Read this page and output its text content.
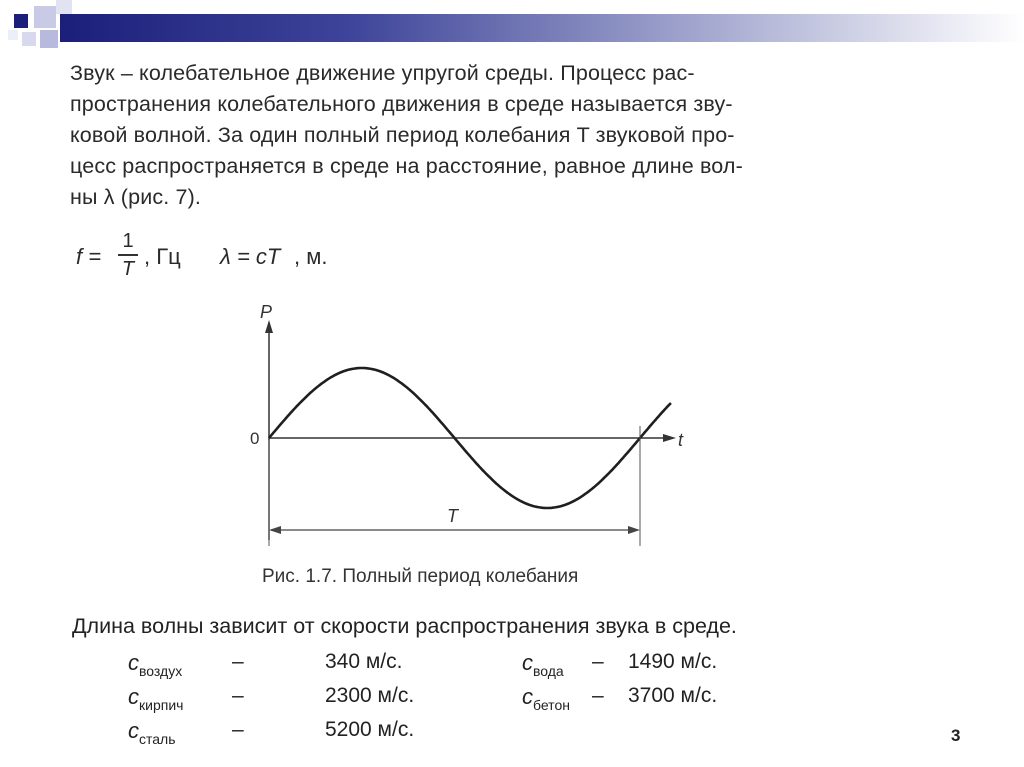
Звук – колебательное движение упругой среды. Процесс рас-
пространения колебательного движения в среде называется зву-
ковой волной. За один полный период колебания T звуковой про-
цесс распространяется в среде на расстояние, равное длине вол-
ны λ (рис. 7).
f =
1
T , Гц λ = cT , м.
P
t
0
T
Рис. 1.7. Полный период колебания
Длина волны зависит от скорости распространения звука в среде.
$c_{воздух}$ –	340 м/с.
$c_{кирпич}$ –	2300 м/с.
$c_{сталь}$	–	5200 м/с.
$c_{вода} - 1490$ м/с.
$c_{бетон} - 3700$ м/с.
3
